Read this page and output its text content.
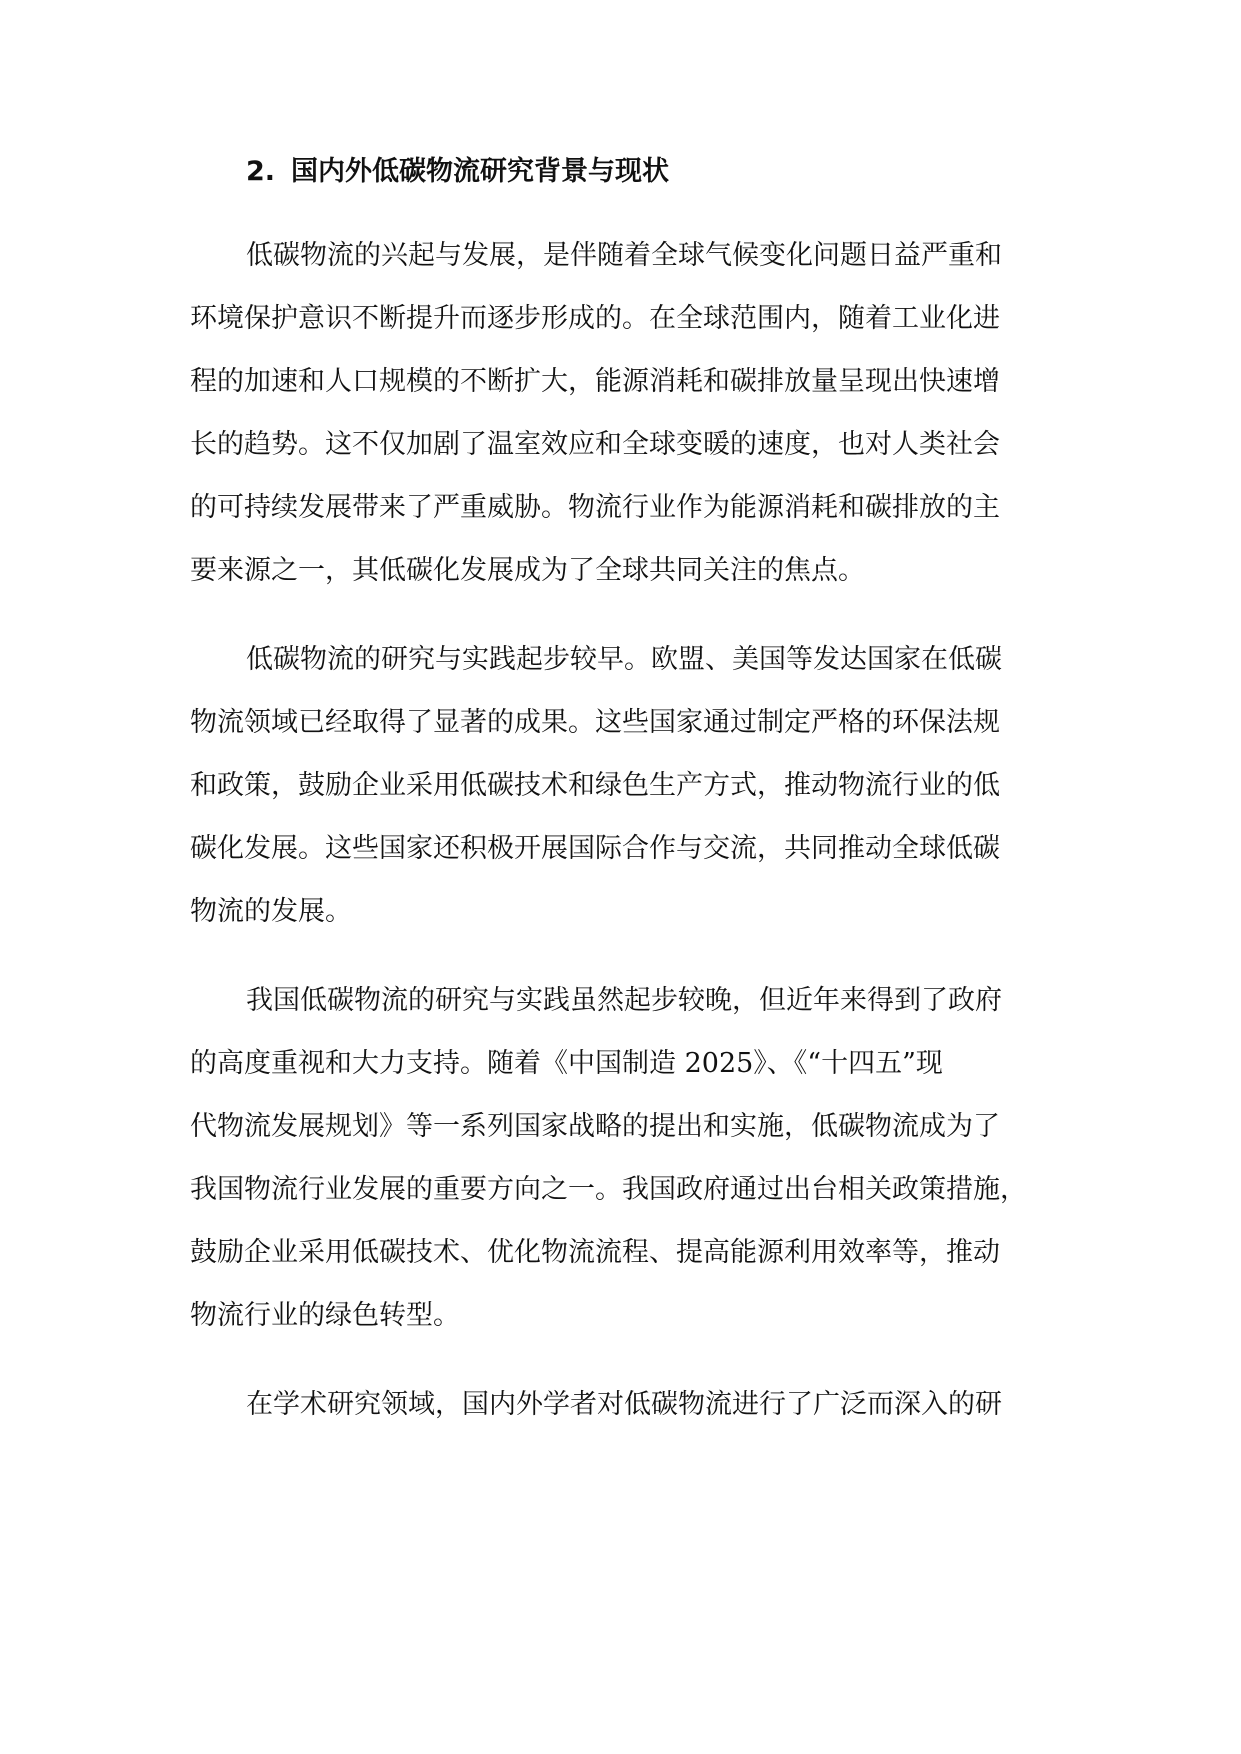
2. 国内外低碳物流研究背景与现状
低碳物流的兴起与发展，是伴随着全球气候变化问题日益严重和
环境保护意识不断提升而逐步形成的。在全球范围内，随着工业化进
程的加速和人口规模的不断扩大，能源消耗和碳排放量呈现出快速增
长的趋势。这不仅加剧了温室效应和全球变暖的速度，也对人类社会
的可持续发展带来了严重威胁。物流行业作为能源消耗和碳排放的主
要来源之一，其低碳化发展成为了全球共同关注的焦点。
低碳物流的研究与实践起步较早。欧盟、美国等发达国家在低碳
物流领域已经取得了显著的成果。这些国家通过制定严格的环保法规
和政策，鼓励企业采用低碳技术和绿色生产方式，推动物流行业的低
碳化发展。这些国家还积极开展国际合作与交流，共同推动全球低碳
物流的发展。
我国低碳物流的研究与实践虽然起步较晚，但近年来得到了政府
的高度重视和大力支持。随着《中国制造 2025》、《“十四五”现
代物流发展规划》等一系列国家战略的提出和实施，低碳物流成为了
我国物流行业发展的重要方向之一。我国政府通过出台相关政策措施，
鼓励企业采用低碳技术、优化物流流程、提高能源利用效率等，推动
物流行业的绿色转型。
在学术研究领域，国内外学者对低碳物流进行了广泛而深入的研
